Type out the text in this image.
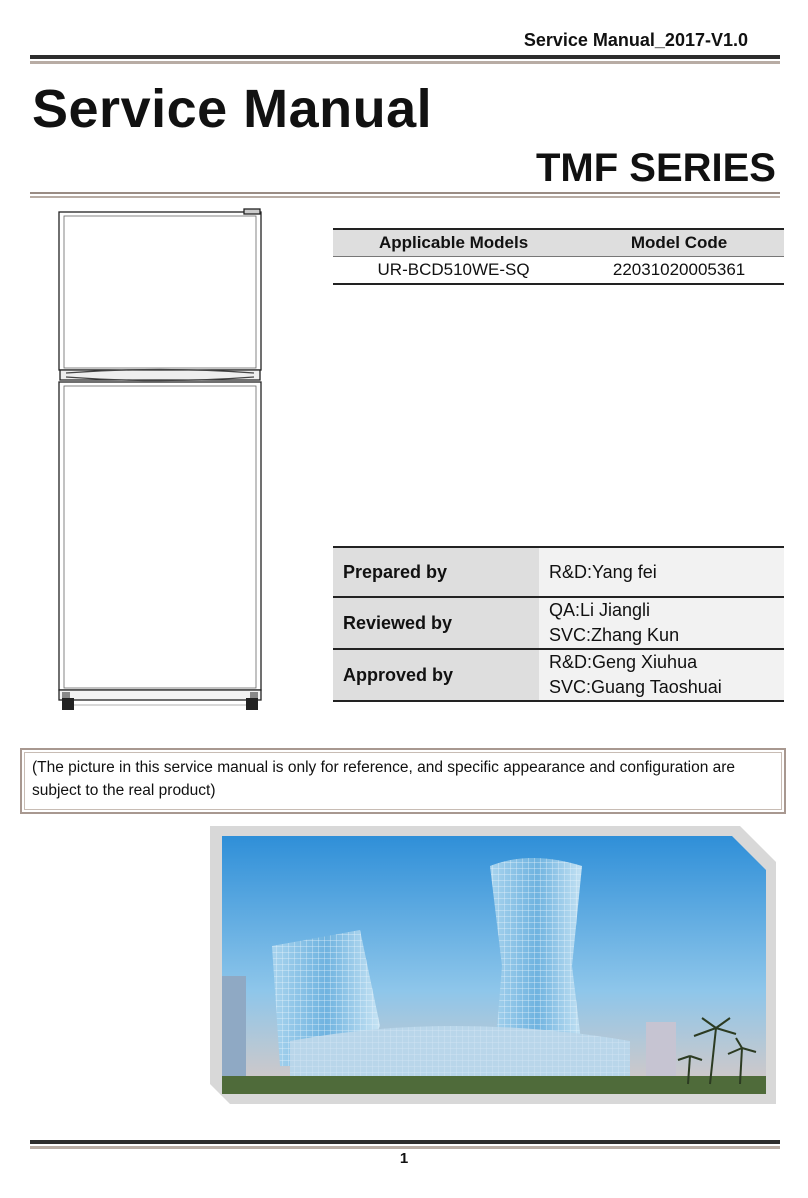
Service Manual_2017-V1.0
Service Manual
TMF SERIES
Applicable Models	Model Code
UR-BCD510WE-SQ	22031020005361
Prepared by	R&D:Yang fei

Reviewed by	QA:Li Jiangli
SVC:Zhang Kun

Approved by	R&D:Geng Xiuhua
SVC:Guang Taoshuai
(The picture in this service manual is only for reference, and specific appearance and configuration are subject to the real product)
1
